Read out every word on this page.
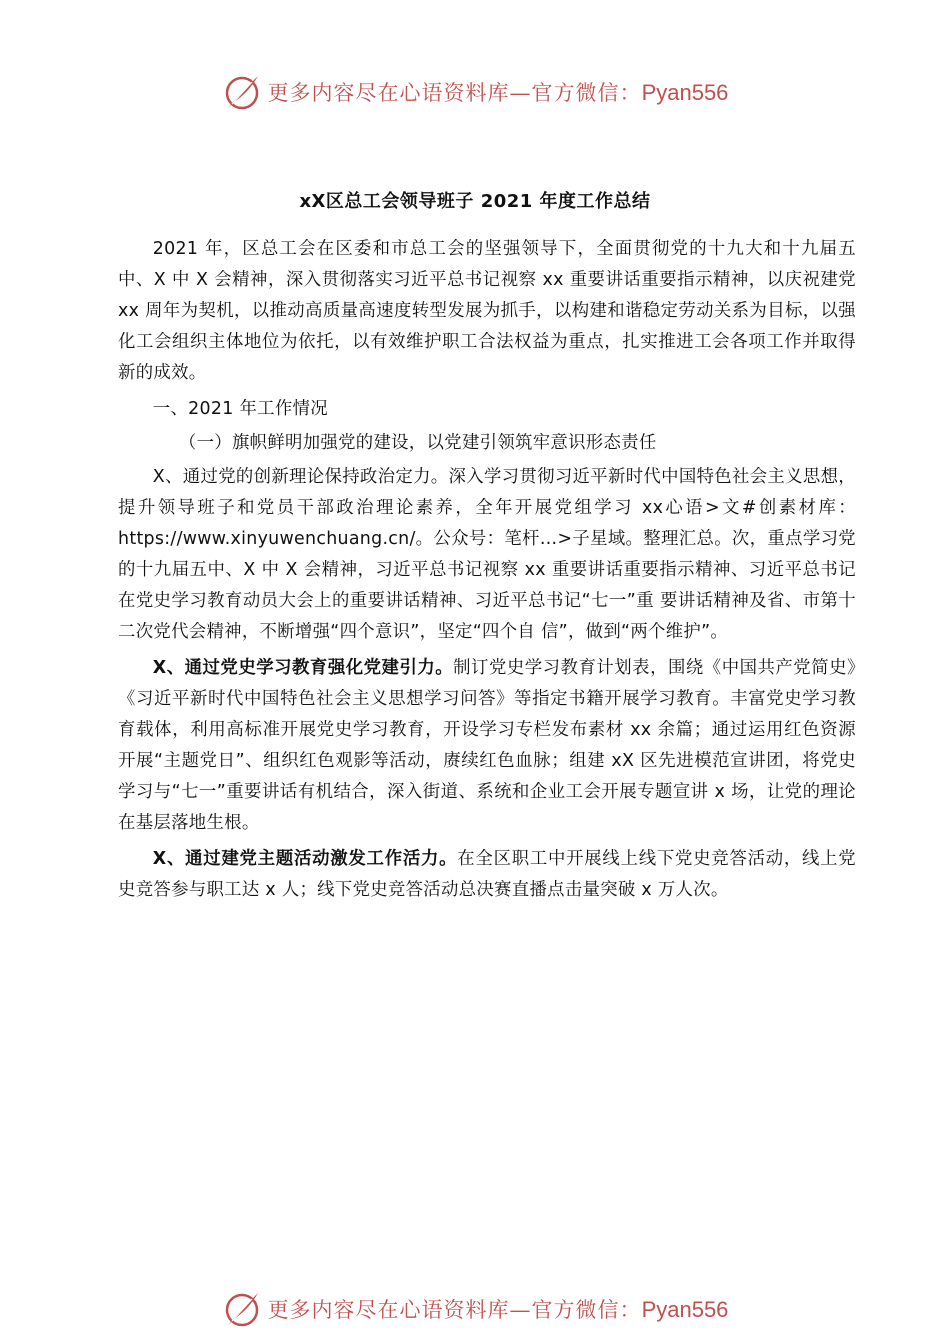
更多内容尽在心语资料库—官方微信：Pyan556
xX区总工会领导班子 2021 年度工作总结

2021 年，区总工会在区委和市总工会的坚强领导下，全面贯彻党的十九大和十九届五中、X 中 X 会精神，深入贯彻落实习近平总书记视察 xx 重要讲话重要指示精神，以庆祝建党 xx 周年为契机，以推动高质量高速度转型发展为抓手，以构建和谐稳定劳动关系为目标，以强化工会组织主体地位为依托，以有效维护职工合法权益为重点，扎实推进工会各项工作并取得新的成效。

一、2021 年工作情况

（一）旗帜鲜明加强党的建设，以党建引领筑牢意识形态责任

X、通过党的创新理论保持政治定力。深入学习贯彻习近平新时代中国特色社会主义思想，提升领导班子和党员干部政治理论素养，全年开展党组学习 xx心语>文#创素材库：https://www.xinyuwenchuang.cn/。公众号：笔杆…>子星域。整理汇总。次，重点学习党的十九届五中、X 中 X 会精神，习近平总书记视察 xx 重要讲话重要指示精神、习近平总书记在党史学习教育动员大会上的重要讲话精神、习近平总书记“七一”重 要讲话精神及省、市第十二次党代会精神，不断增强“四个意识”，坚定“四个自 信”，做到“两个维护”。

X、通过党史学习教育强化党建引力。制订党史学习教育计划表，围绕《中国共产党简史》《习近平新时代中国特色社会主义思想学习问答》等指定书籍开展学习教育。丰富党史学习教育载体，利用高标准开展党史学习教育，开设学习专栏发布素材 xx 余篇；通过运用红色资源开展“主题党日”、组织红色观影等活动，赓续红色血脉；组建 xX 区先进模范宣讲团，将党史学习与“七一”重要讲话有机结合，深入街道、系统和企业工会开展专题宣讲 x 场，让党的理论在基层落地生根。

X、通过建党主题活动激发工作活力。在全区职工中开展线上线下党史竞答活动，线上党史竞答参与职工达 x 人；线下党史竞答活动总决赛直播点击量突破 x 万人次。

更多内容尽在心语资料库—官方微信：Pyan556
